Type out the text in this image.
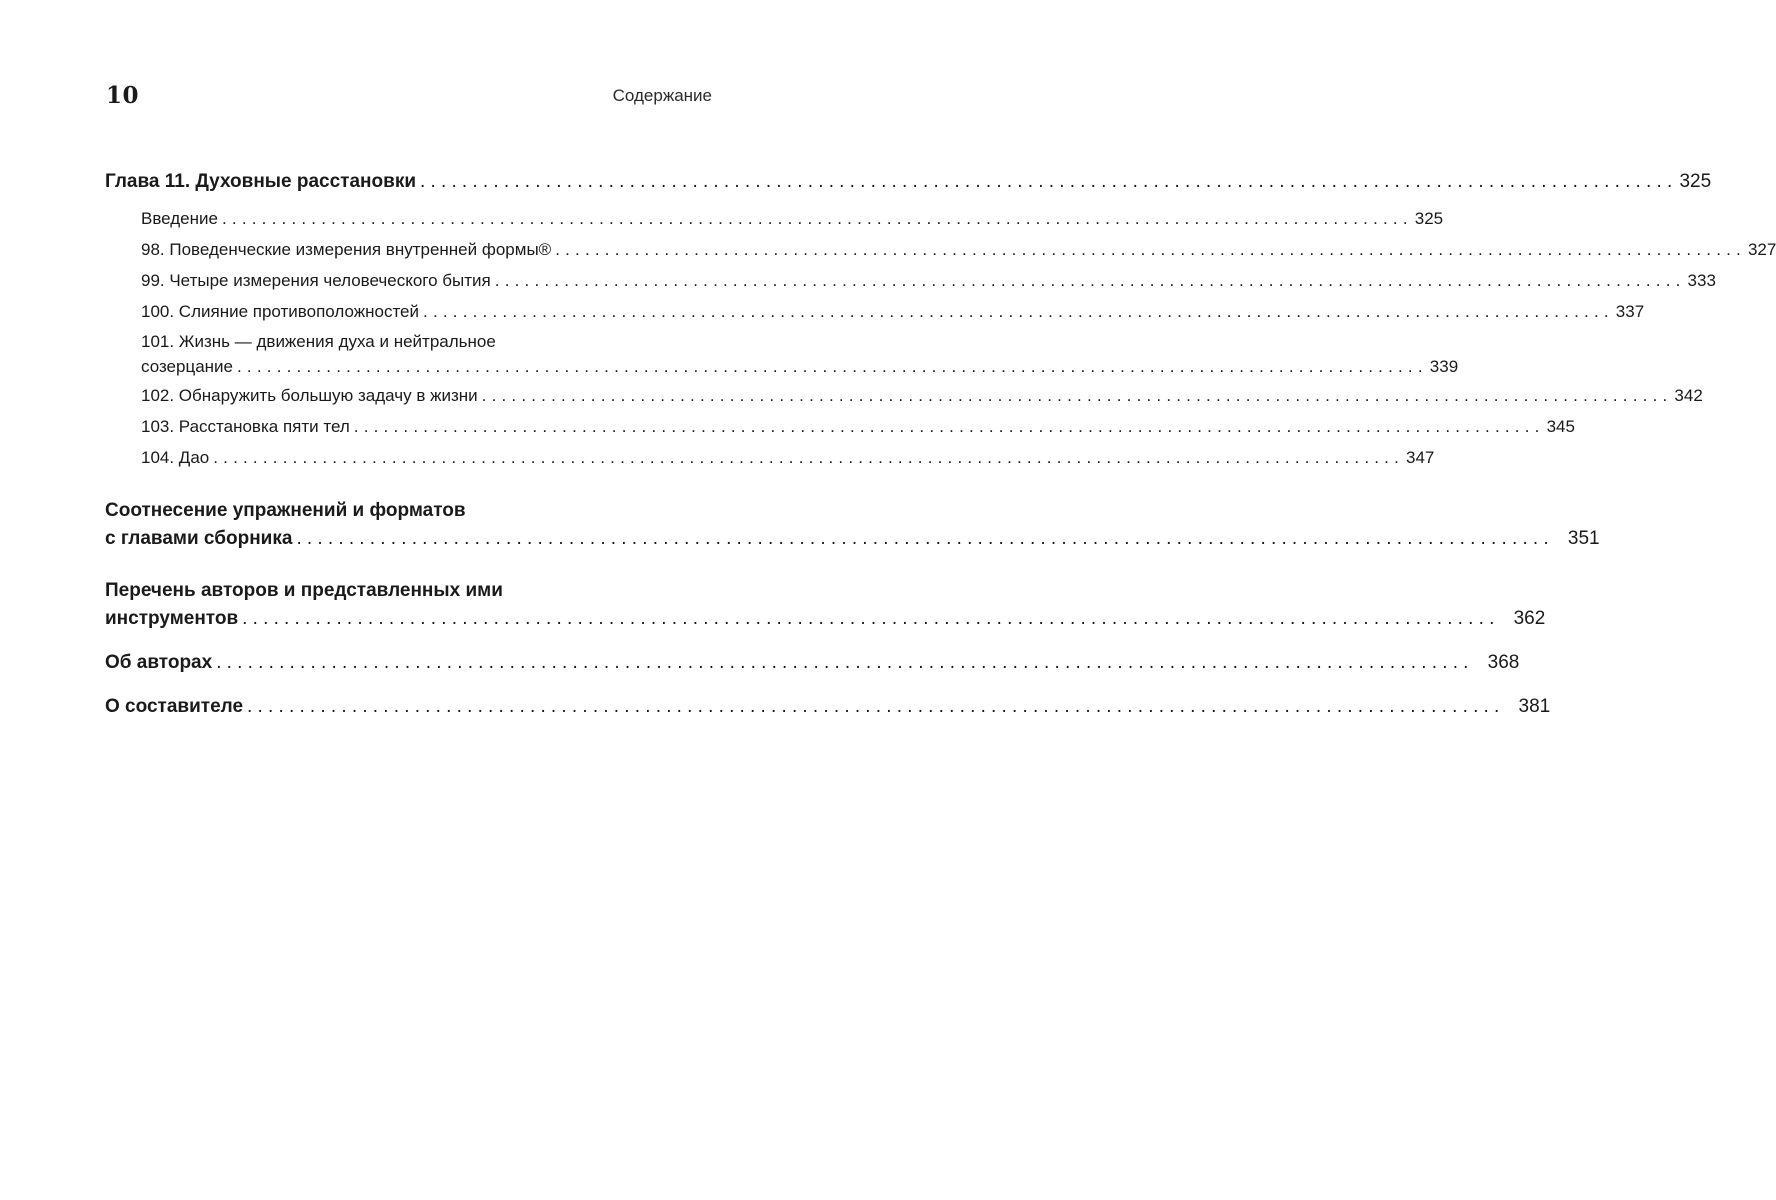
10	Содержание
Глава 11. Духовные расстановки ........................................................................................................................ 325
Введение ........................................................................................................................ 325
98. Поведенческие измерения внутренней формы® ........................................................................................................................ 327
99. Четыре измерения человеческого бытия ........................................................................................................................ 333
100. Слияние противоположностей ........................................................................................................................ 337
101. Жизнь — движения духа и нейтральное
созерцание ........................................................................................................................ 339
102. Обнаружить большую задачу в жизни ........................................................................................................................ 342
103. Расстановка пяти тел ........................................................................................................................ 345
104. Дао ........................................................................................................................ 347
Соотнесение упражнений и форматов
с главами сборника ........................................................................................................................ 351
Перечень авторов и представленных ими
инструментов ........................................................................................................................ 362
Об авторах ........................................................................................................................ 368
О составителе ........................................................................................................................ 381
